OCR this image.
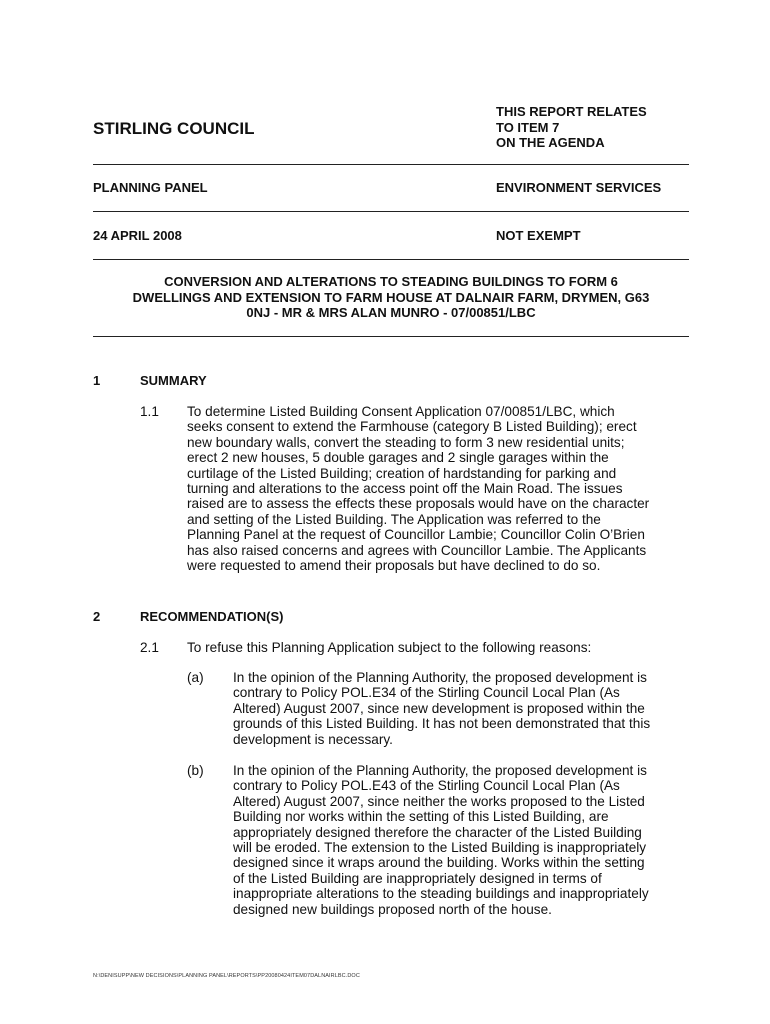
STIRLING COUNCIL
THIS REPORT RELATES
TO ITEM 7
ON THE AGENDA
PLANNING PANEL	ENVIRONMENT SERVICES
24 APRIL 2008	NOT EXEMPT
CONVERSION AND ALTERATIONS TO STEADING BUILDINGS TO FORM 6
DWELLINGS AND EXTENSION TO FARM HOUSE AT DALNAIR FARM, DRYMEN, G63
0NJ - MR & MRS ALAN MUNRO - 07/00851/LBC
1	SUMMARY
1.1 To determine Listed Building Consent Application 07/00851/LBC, which
seeks consent to extend the Farmhouse (category B Listed Building); erect
new boundary walls, convert the steading to form 3 new residential units;
erect 2 new houses, 5 double garages and 2 single garages within the
curtilage of the Listed Building; creation of hardstanding for parking and
turning and alterations to the access point off the Main Road. The issues
raised are to assess the effects these proposals would have on the character
and setting of the Listed Building. The Application was referred to the
Planning Panel at the request of Councillor Lambie; Councillor Colin O’Brien
has also raised concerns and agrees with Councillor Lambie. The Applicants
were requested to amend their proposals but have declined to do so.
2	RECOMMENDATION(S)
2.1 To refuse this Planning Application subject to the following reasons:
(a) In the opinion of the Planning Authority, the proposed development is
contrary to Policy POL.E34 of the Stirling Council Local Plan (As
Altered) August 2007, since new development is proposed within the
grounds of this Listed Building. It has not been demonstrated that this
development is necessary.
(b) In the opinion of the Planning Authority, the proposed development is
contrary to Policy POL.E43 of the Stirling Council Local Plan (As
Altered) August 2007, since neither the works proposed to the Listed
Building nor works within the setting of this Listed Building, are
appropriately designed therefore the character of the Listed Building
will be eroded. The extension to the Listed Building is inappropriately
designed since it wraps around the building. Works within the setting
of the Listed Building are inappropriately designed in terms of
inappropriate alterations to the steading buildings and inappropriately
designed new buildings proposed north of the house.
N:\DENISUPP\NEW DECISIONS\PLANNING PANEL\REPORTS\PP20080424ITEM07DALNAIRLBC.DOC
